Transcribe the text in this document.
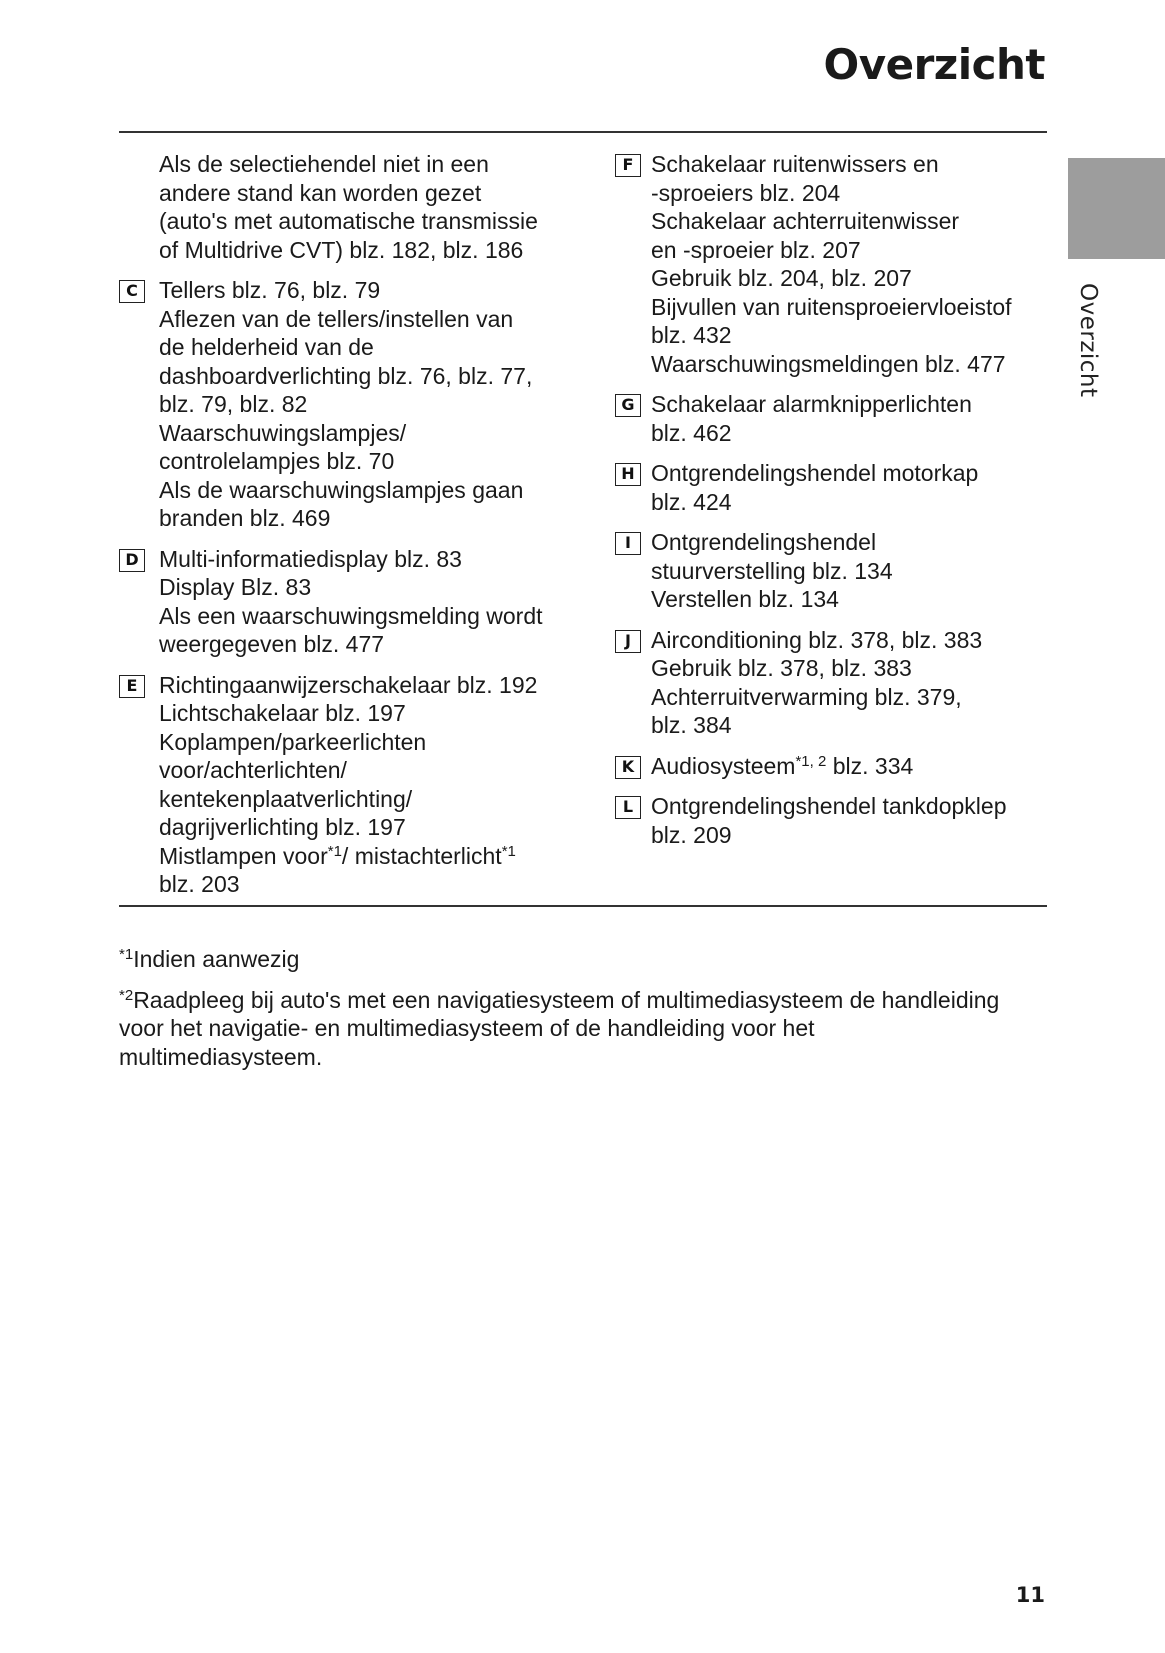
Overzicht
Overzicht
Als de selectiehendel niet in een
andere stand kan worden gezet
(auto's met automatische transmissie
of Multidrive CVT) blz. 182, blz. 186
C Tellers blz. 76, blz. 79
Aflezen van de tellers/instellen van
de helderheid van de
dashboardverlichting blz. 76, blz. 77,
blz. 79, blz. 82
Waarschuwingslampjes/
controlelampjes blz. 70
Als de waarschuwingslampjes gaan
branden blz. 469
D Multi-informatiedisplay blz. 83
Display Blz. 83
Als een waarschuwingsmelding wordt
weergegeven blz. 477
E Richtingaanwijzerschakelaar blz. 192
Lichtschakelaar blz. 197
Koplampen/parkeerlichten
voor/achterlichten/
kentekenplaatverlichting/
dagrijverlichting blz. 197
Mistlampen voor$^{*1}$/ mistachterlicht$^{*1}$
blz. 203
F Schakelaar ruitenwissers en
-sproeiers blz. 204
Schakelaar achterruitenwisser
en -sproeier blz. 207
Gebruik blz. 204, blz. 207
Bijvullen van ruitensproeiervloeistof
blz. 432
Waarschuwingsmeldingen blz. 477
G Schakelaar alarmknipperlichten
blz. 462
H Ontgrendelingshendel motorkap
blz. 424
I Ontgrendelingshendel
stuurverstelling blz. 134
Verstellen blz. 134
J Airconditioning blz. 378, blz. 383
Gebruik blz. 378, blz. 383
Achterruitverwarming blz. 379,
blz. 384
K Audiosysteem$^{*1, 2}$ blz. 334
L Ontgrendelingshendel tankdopklep
blz. 209
$^{*1}$Indien aanwezig
$^{*2}$Raadpleeg bij auto's met een navigatiesysteem of multimediasysteem de handleiding
voor het navigatie- en multimediasysteem of de handleiding voor het
multimediasysteem.
11
